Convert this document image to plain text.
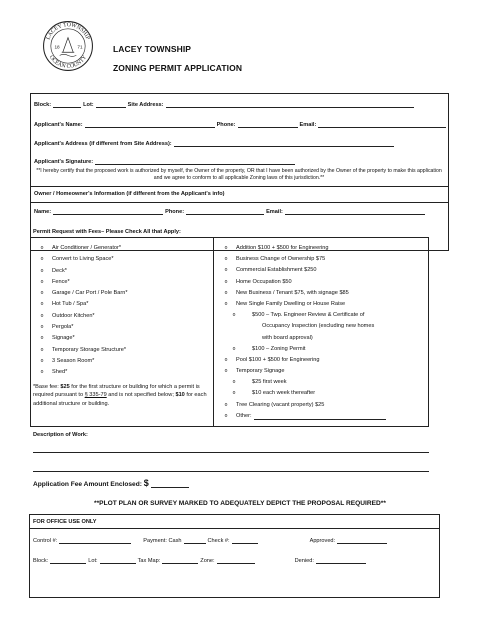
LACEY TOWNSHIP
OCEAN COUNTY
18 71	LACEY TOWNSHIP
ZONING PERMIT APPLICATION
Block:	Lot:	Site Address:
Applicant's Name:	Phone:	Email:
Applicant's Address (if different from Site Address):
Applicant's Signature:
**I hereby certify that the proposed work is authorized by myself, the Owner of the property, OR that I have been authorized by the Owner of the property to make this application and we agree to conform to all applicable Zoning laws of this jurisdiction.**
Owner / Homeowner's Information (if different from the Applicant's info)
Name:	Phone:	Email:
Permit Request with Fees– Please Check All that Apply:
o	Air Conditioner / Generator*
o	Convert to Living Space*
o	Deck*
o	Fence*
o	Garage / Car Port / Pole Barn*
o	Hot Tub / Spa*
o	Outdoor Kitchen*
o	Pergola*
o	Signage*
o	Temporary Storage Structure*
o	3 Season Room*
o	Shed*
*Base fee: $25 for the first structure or building for which a permit is required pursuant to § 335-79 and is not specified below; $10 for each additional structure or building.
o	Addition $100 + $500 for Engineering
o	Business Change of Ownership $75
o	Commercial Establishment $250
o	Home Occupation $50
o	New Business / Tenant $75, with signage $85
o	New Single Family Dwelling or House Raise
o	$500 – Twp. Engineer Review & Certificate of
Occupancy Inspection (excluding new homes
with board approval)
o	$100 – Zoning Permit
o	Pool $100 + $500 for Engineering
o	Temporary Signage
o	$25 first week
o	$10 each week thereafter
o	Tree Clearing (vacant property) $25
o	Other:
Description of Work:
Application Fee Amount Enclosed:
$
**PLOT PLAN OR SURVEY MARKED TO ADEQUATELY DEPICT THE PROPOSAL REQUIRED**
FOR OFFICE USE ONLY
Control #:	Payment: Cash	Check #:	Approved:
Block:	Lot:	Tax Map:	Zone:	Denied:
